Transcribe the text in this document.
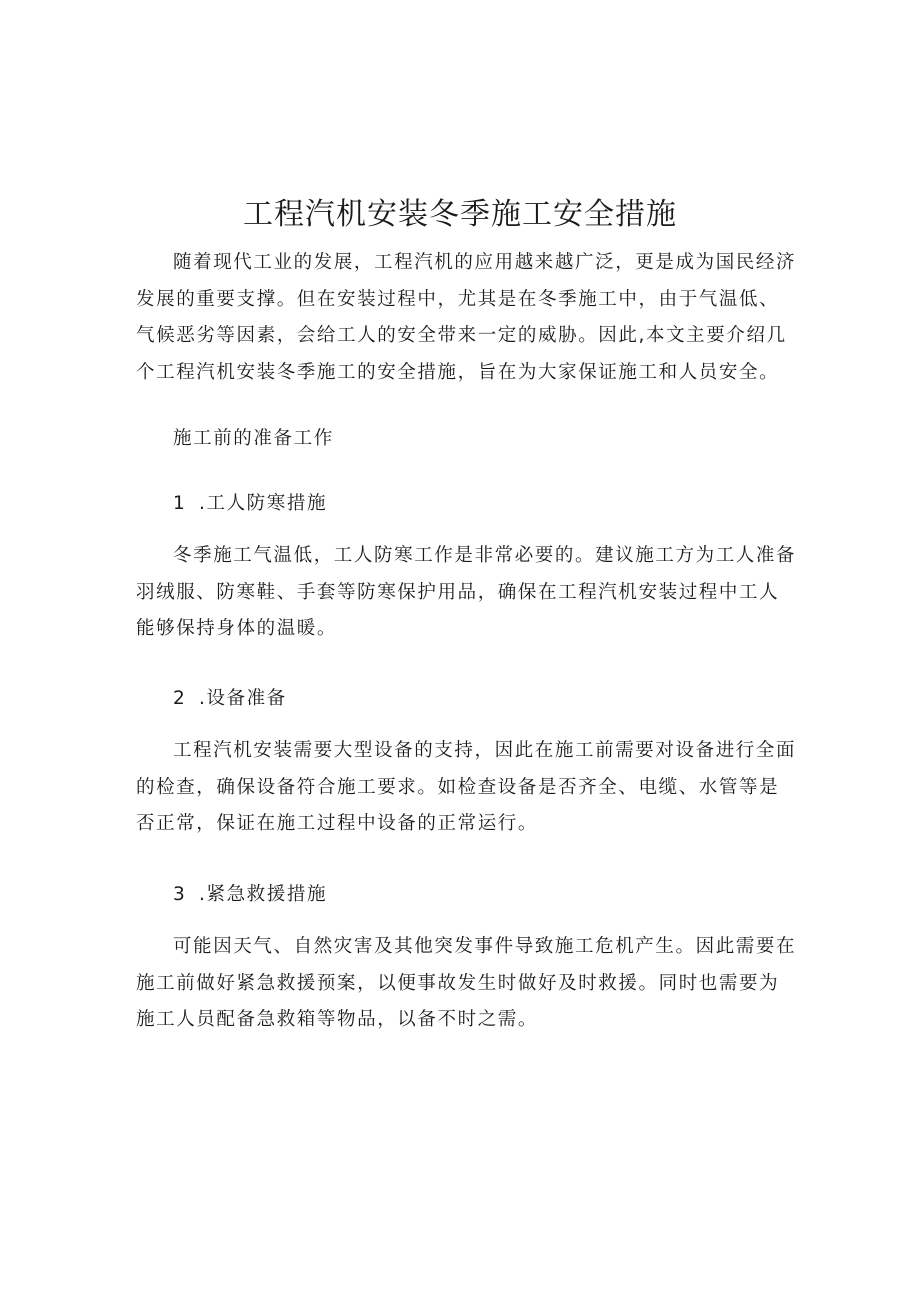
工程汽机安装冬季施工安全措施

随着现代工业的发展，工程汽机的应用越来越广泛，更是成为国民经济发展的重要支撑。但在安装过程中，尤其是在冬季施工中，由于气温低、气候恶劣等因素，会给工人的安全带来一定的威胁。因此,本文主要介绍几个工程汽机安装冬季施工的安全措施，旨在为大家保证施工和人员安全。

施工前的准备工作

1 .工人防寒措施

冬季施工气温低，工人防寒工作是非常必要的。建议施工方为工人准备羽绒服、防寒鞋、手套等防寒保护用品，确保在工程汽机安装过程中工人能够保持身体的温暖。

2 .设备准备

工程汽机安装需要大型设备的支持，因此在施工前需要对设备进行全面的检查，确保设备符合施工要求。如检查设备是否齐全、电缆、水管等是否正常，保证在施工过程中设备的正常运行。

3 .紧急救援措施

可能因天气、自然灾害及其他突发事件导致施工危机产生。因此需要在施工前做好紧急救援预案，以便事故发生时做好及时救援。同时也需要为施工人员配备急救箱等物品，以备不时之需。
